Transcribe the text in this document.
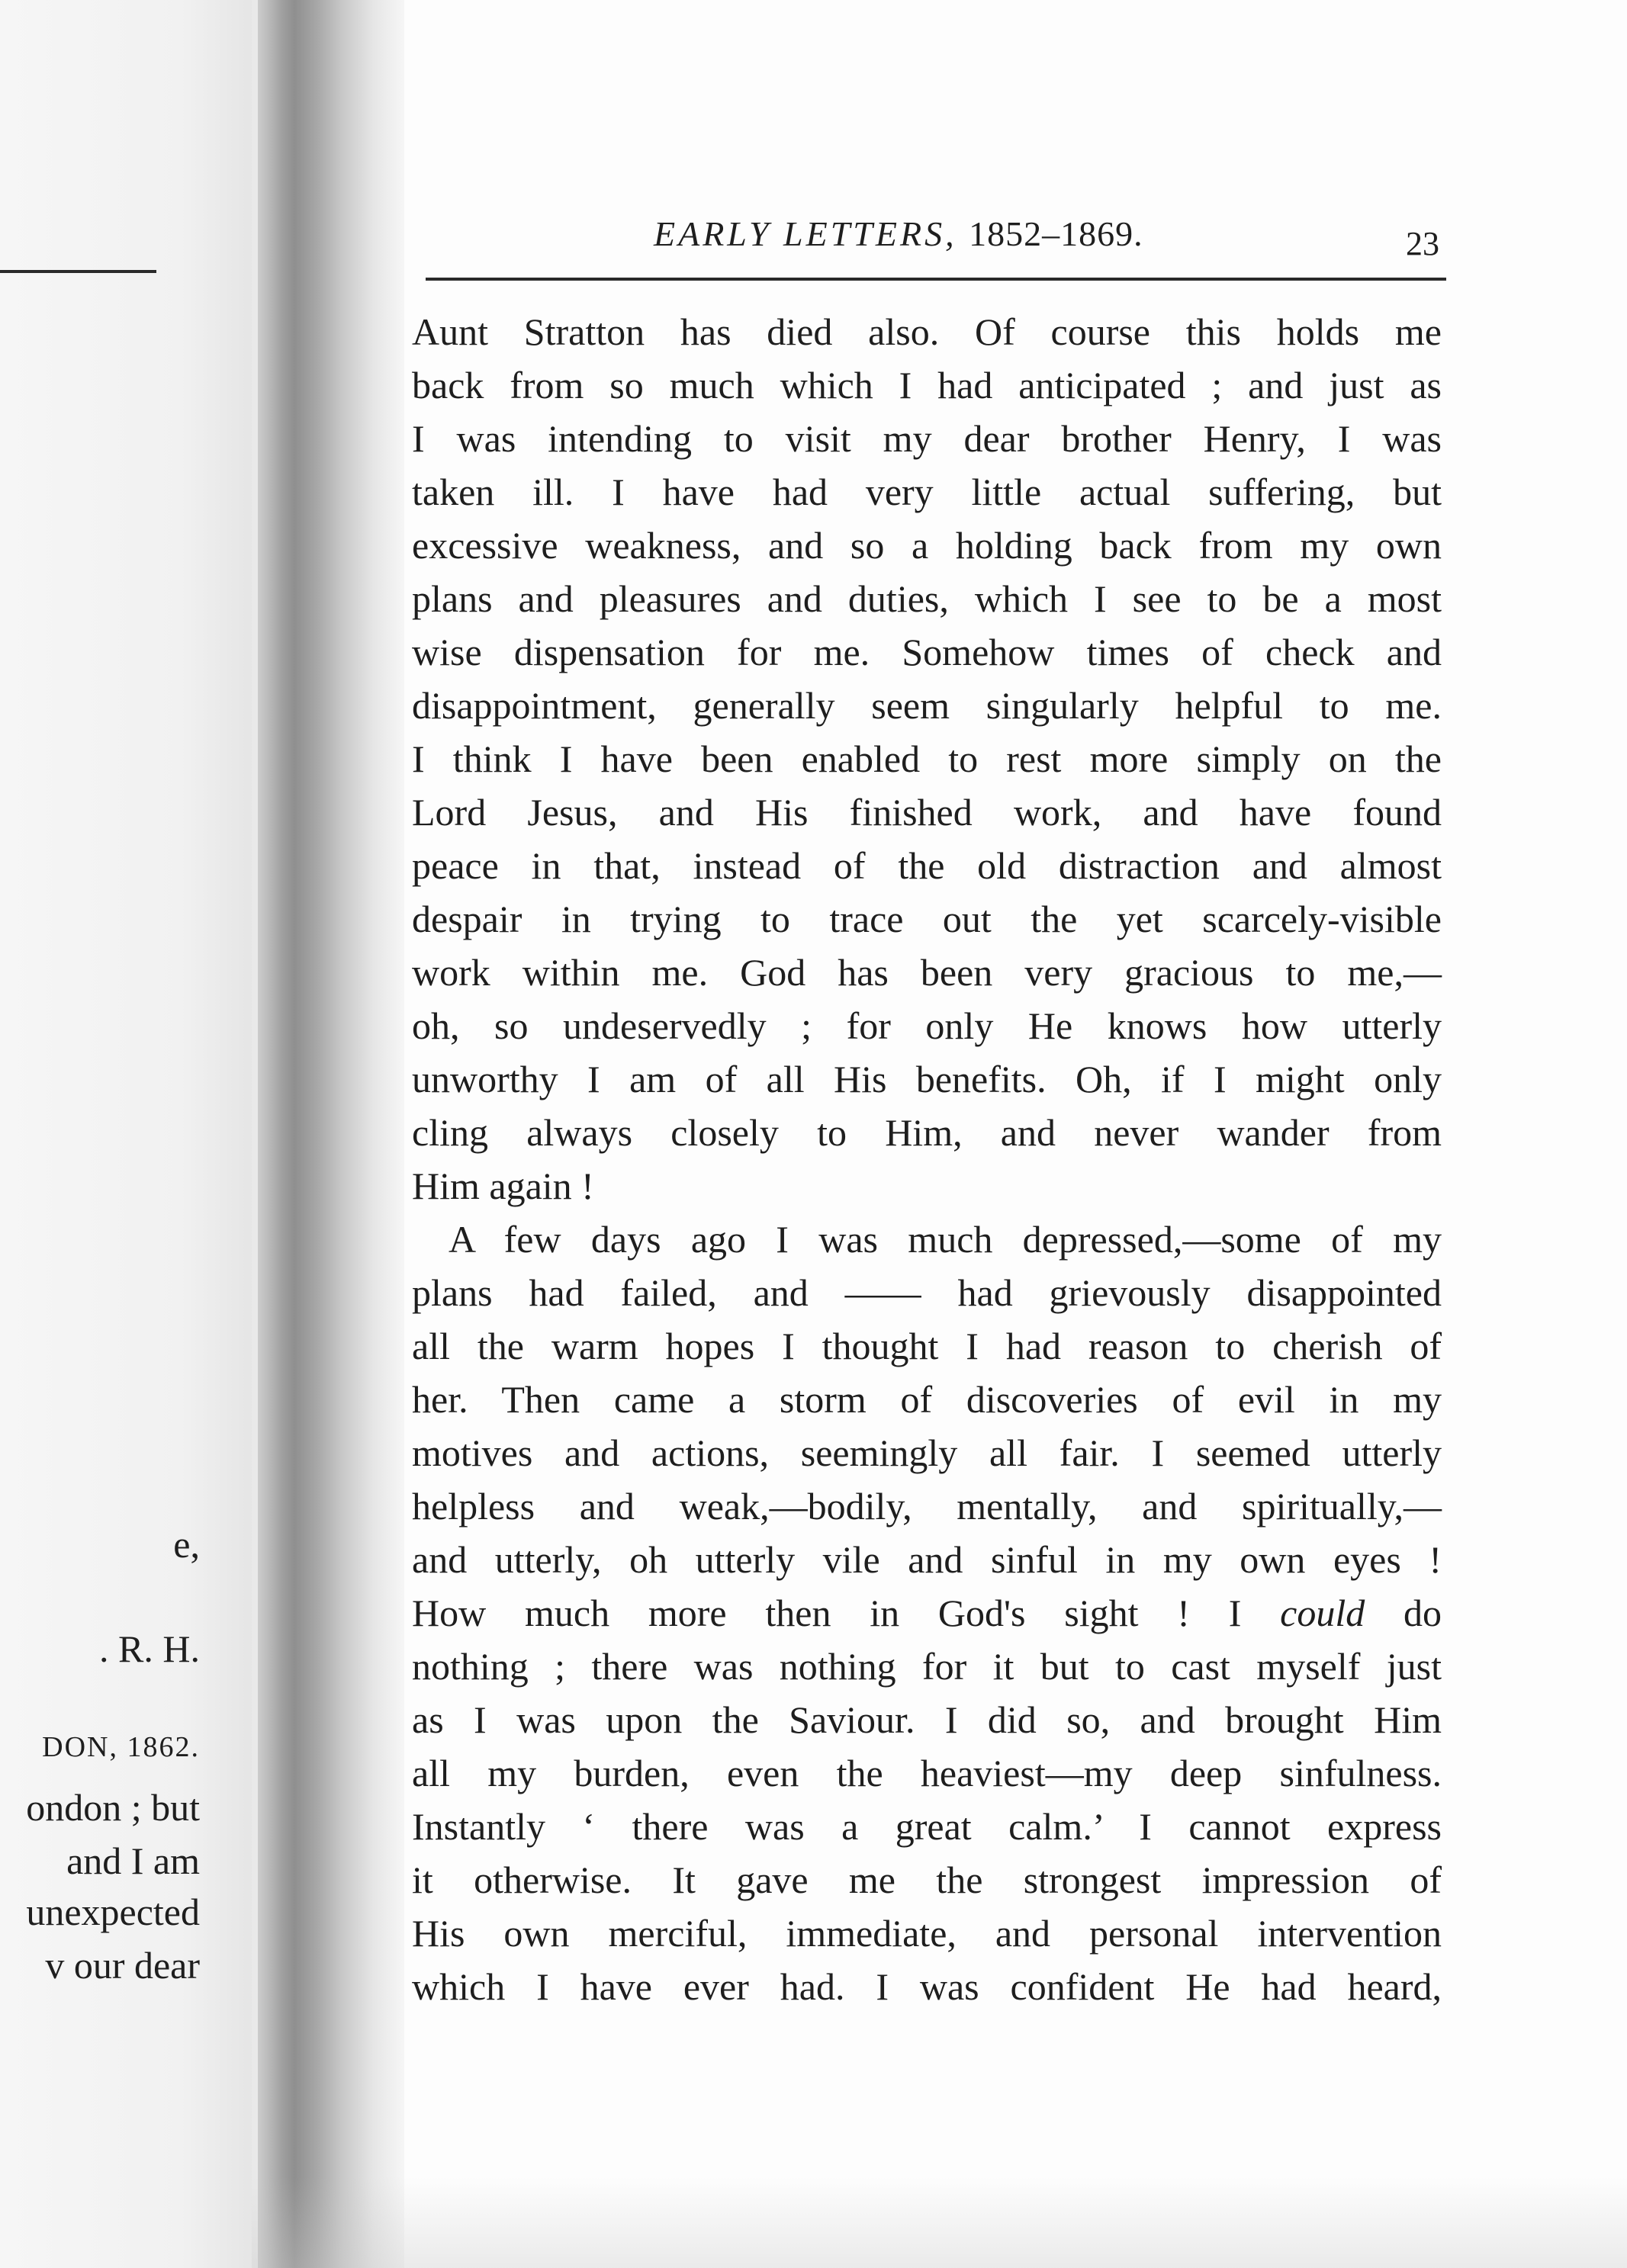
e,
. R. H.
DON, 1862.
ondon ; but
and I am
unexpected
v our dear
EARLY LETTERS, 1852–1869.	23
Aunt Stratton has died also. Of course this holds me
back from so much which I had anticipated ; and just as
I was intending to visit my dear brother Henry, I was
taken ill. I have had very little actual suffering, but
excessive weakness, and so a holding back from my own
plans and pleasures and duties, which I see to be a most
wise dispensation for me. Somehow times of check and
disappointment, generally seem singularly helpful to me.
I think I have been enabled to rest more simply on the
Lord Jesus, and His finished work, and have found
peace in that, instead of the old distraction and almost
despair in trying to trace out the yet scarcely-visible
work within me. God has been very gracious to me,—
oh, so undeservedly ; for only He knows how utterly
unworthy I am of all His benefits. Oh, if I might only
cling always closely to Him, and never wander from
Him again !
A few days ago I was much depressed,—some of my
plans had failed, and —— had grievously disappointed
all the warm hopes I thought I had reason to cherish of
her. Then came a storm of discoveries of evil in my
motives and actions, seemingly all fair. I seemed utterly
helpless and weak,—bodily, mentally, and spiritually,—
and utterly, oh utterly vile and sinful in my own eyes !
How much more then in God's sight ! I could do
nothing ; there was nothing for it but to cast myself just
as I was upon the Saviour. I did so, and brought Him
all my burden, even the heaviest—my deep sinfulness.
Instantly ‘ there was a great calm.’ I cannot express
it otherwise. It gave me the strongest impression of
His own merciful, immediate, and personal intervention
which I have ever had. I was confident He had heard,
